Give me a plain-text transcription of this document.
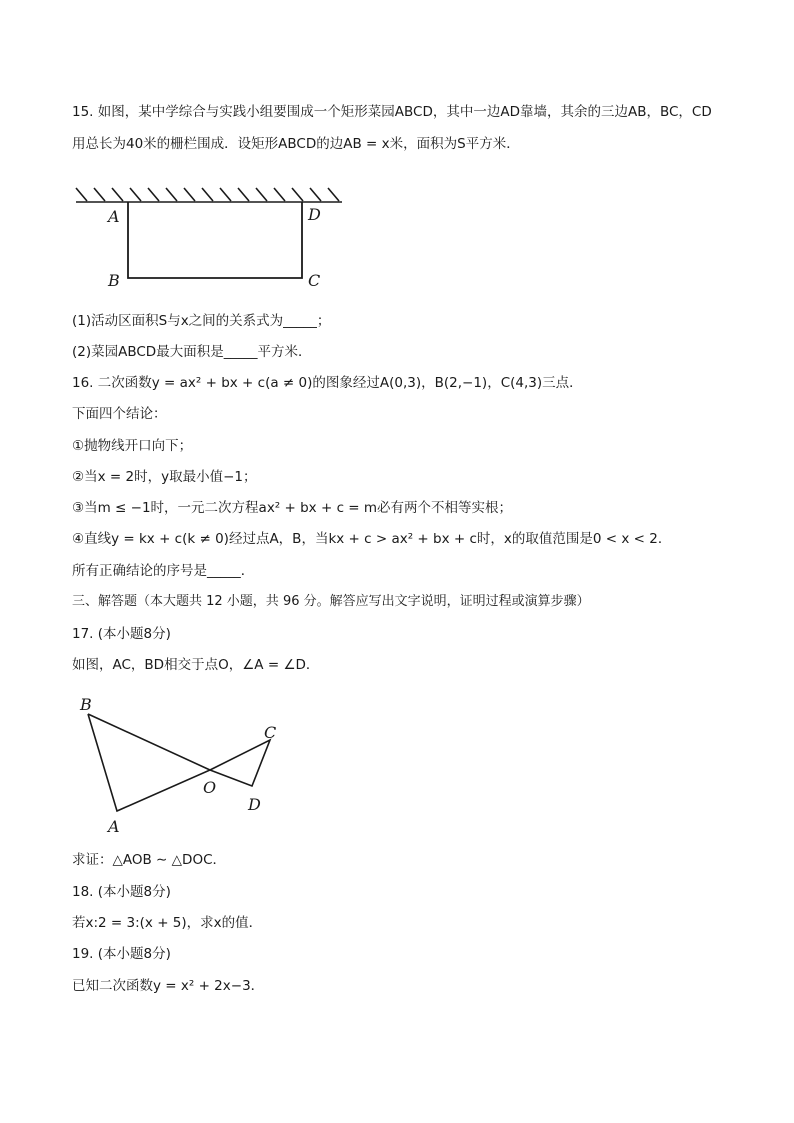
15. 如图，某中学综合与实践小组要围成一个矩形菜园ABCD，其中一边AD靠墙，其余的三边AB，BC，CD
用总长为40米的栅栏围成．设矩形ABCD的边AB = x米，面积为S平方米．
A	D
B	C
(1)活动区面积S与x之间的关系式为_____；
(2)菜园ABCD最大面积是_____平方米．
16. 二次函数y = ax² + bx + c(a ≠ 0)的图象经过A(0,3)，B(2,−1)，C(4,3)三点．
下面四个结论：
①抛物线开口向下；
②当x = 2时，y取最小值−1；
③当m ≤ −1时，一元二次方程ax² + bx + c = m必有两个不相等实根；
④直线y = kx + c(k ≠ 0)经过点A，B，当kx + c > ax² + bx + c时，x的取值范围是0 < x < 2．
所有正确结论的序号是_____．
三、解答题（本大题共 12 小题，共 96 分。解答应写出文字说明，证明过程或演算步骤）
17. (本小题8分)
如图，AC，BD相交于点O，∠A = ∠D．
B
A
O
C
D
求证：△AOB ∼ △DOC．
18. (本小题8分)
若x:2 = 3:(x + 5)，求x的值．
19. (本小题8分)
已知二次函数y = x² + 2x−3．
